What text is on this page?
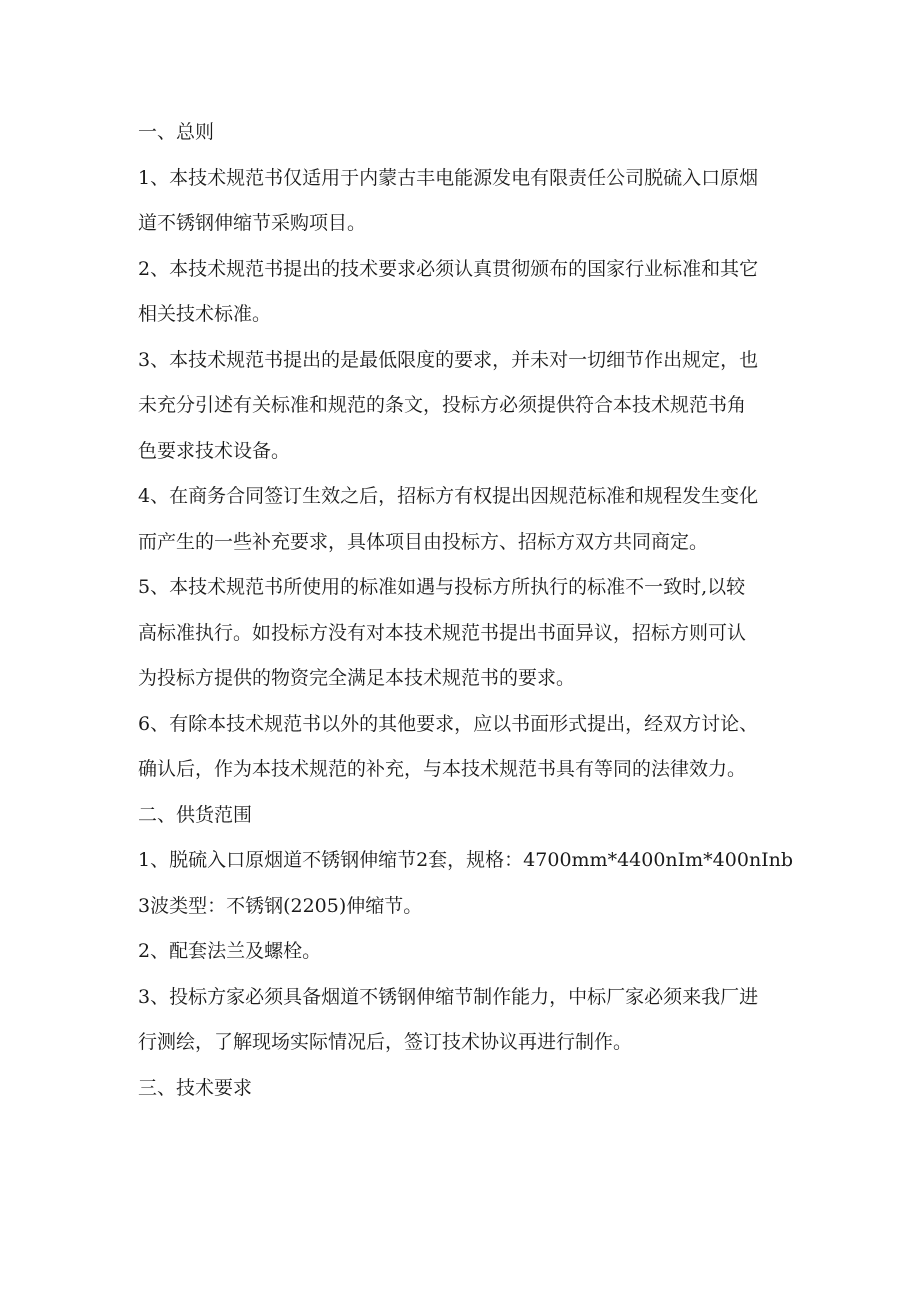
一、总则
1、本技术规范书仅适用于内蒙古丰电能源发电有限责任公司脱硫入口原烟
道不锈钢伸缩节采购项目。
2、本技术规范书提出的技术要求必须认真贯彻颁布的国家行业标准和其它
相关技术标准。
3、本技术规范书提出的是最低限度的要求，并未对一切细节作出规定，也
未充分引述有关标准和规范的条文，投标方必须提供符合本技术规范书角
色要求技术设备。
4、在商务合同签订生效之后，招标方有权提出因规范标准和规程发生变化
而产生的一些补充要求，具体项目由投标方、招标方双方共同商定。
5、本技术规范书所使用的标准如遇与投标方所执行的标准不一致时,以较
高标准执行。如投标方没有对本技术规范书提出书面异议，招标方则可认
为投标方提供的物资完全满足本技术规范书的要求。
6、有除本技术规范书以外的其他要求，应以书面形式提出，经双方讨论、
确认后，作为本技术规范的补充，与本技术规范书具有等同的法律效力。
二、供货范围
1、脱硫入口原烟道不锈钢伸缩节2套，规格：4700mm*4400nIm*400nInb
3波类型：不锈钢(2205)伸缩节。
2、配套法兰及螺栓。
3、投标方家必须具备烟道不锈钢伸缩节制作能力，中标厂家必须来我厂进
行测绘，了解现场实际情况后，签订技术协议再进行制作。
三、技术要求
